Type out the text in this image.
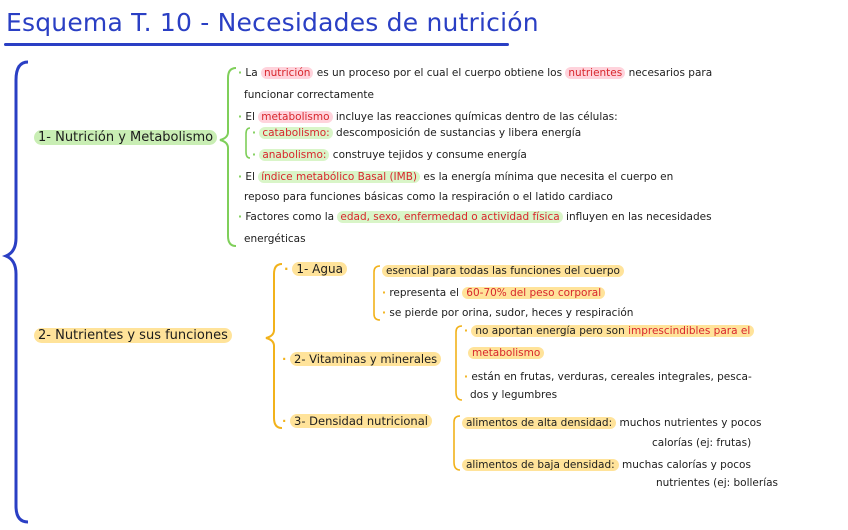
Esquema T. 10 - Necesidades de nutrición
1- Nutrición y Metabolismo
· La nutrición es un proceso por el cual el cuerpo obtiene los nutrientes necesarios para
funcionar correctamente
· El metabolismo incluye las reacciones químicas dentro de las células:
· catabolismo: descomposición de sustancias y libera energía
· anabolismo: construye tejidos y consume energía
· El índice metabólico Basal (IMB) es la energía mínima que necesita el cuerpo en
reposo para funciones básicas como la respiración o el latido cardiaco
· Factores como la edad, sexo, enfermedad o actividad física influyen en las necesidades
energéticas
2- Nutrientes y sus funciones
· 1- Agua	esencial para todas las funciones del cuerpo
· representa el 60-70% del peso corporal
· se pierde por orina, sudor, heces y respiración
· 2- Vitaminas y minerales
· no aportan energía pero son imprescindibles para el
metabolismo
· están en frutas, verduras, cereales integrales, pesca-
dos y legumbres
· 3- Densidad nutricional	alimentos de alta densidad: muchos nutrientes y pocos
calorías (ej: frutas)
alimentos de baja densidad: muchas calorías y pocos
nutrientes (ej: bollerías
